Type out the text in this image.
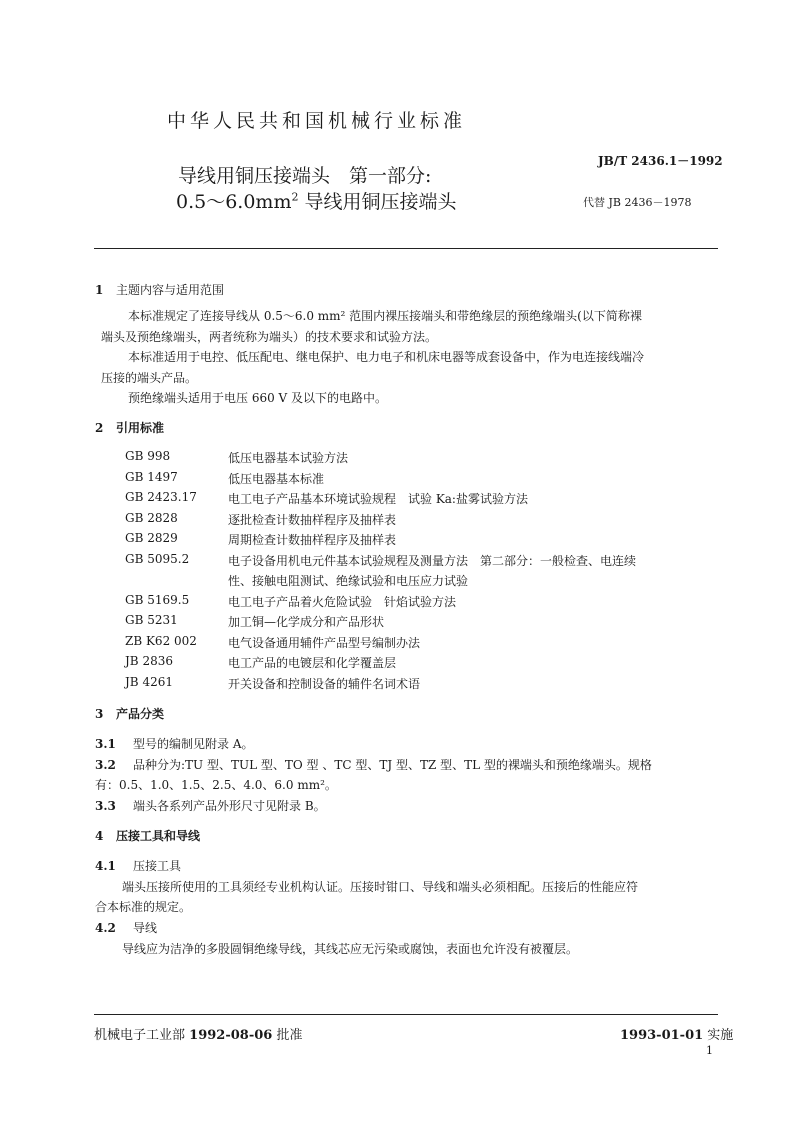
中华人民共和国机械行业标准
JB/T 2436.1－1992
导线用铜压接端头　第一部分:
$0.5\sim 6.0mm^2$ 导线用铜压接端头	代替 JB 2436－1978
1 主题内容与适用范围
本标准规定了连接导线从 0.5～6.0 mm² 范围内裸压接端头和带绝缘层的预绝缘端头(以下简称裸
端头及预绝缘端头，两者统称为端头）的技术要求和试验方法。
本标准适用于电控、低压配电、继电保护、电力电子和机床电器等成套设备中，作为电连接线端冷
压接的端头产品。
预绝缘端头适用于电压 660 V 及以下的电路中。
2 引用标准
GB 998	低压电器基本试验方法
GB 1497	低压电器基本标准
GB 2423.17	电工电子产品基本环境试验规程　试验 Ka:盐雾试验方法
GB 2828	逐批检查计数抽样程序及抽样表
GB 2829	周期检查计数抽样程序及抽样表
GB 5095.2	电子设备用机电元件基本试验规程及测量方法　第二部分：一般检查、电连续
性、接触电阻测试、绝缘试验和电压应力试验
GB 5169.5	电工电子产品着火危险试验　针焰试验方法
GB 5231	加工铜—化学成分和产品形状
ZB K62 002	电气设备通用辅件产品型号编制办法
JB 2836	电工产品的电镀层和化学覆盖层
JB 4261	开关设备和控制设备的辅件名词术语
3 产品分类
3.1 型号的编制见附录 A。
3.2 品种分为:TU 型、TUL 型、TO 型 、TC 型、TJ 型、TZ 型、TL 型的裸端头和预绝缘端头。规格
有：0.5、1.0、1.5、2.5、4.0、6.0 mm²。
3.3 端头各系列产品外形尺寸见附录 B。
4 压接工具和导线
4.1 压接工具
端头压接所使用的工具须经专业机构认证。压接时钳口、导线和端头必须相配。压接后的性能应符
合本标准的规定。
4.2 导线
导线应为洁净的多股圆铜绝缘导线，其线芯应无污染或腐蚀，表面也允许没有被覆层。
机械电子工业部 1992-08-06 批准	1993-01-01 实施
1
